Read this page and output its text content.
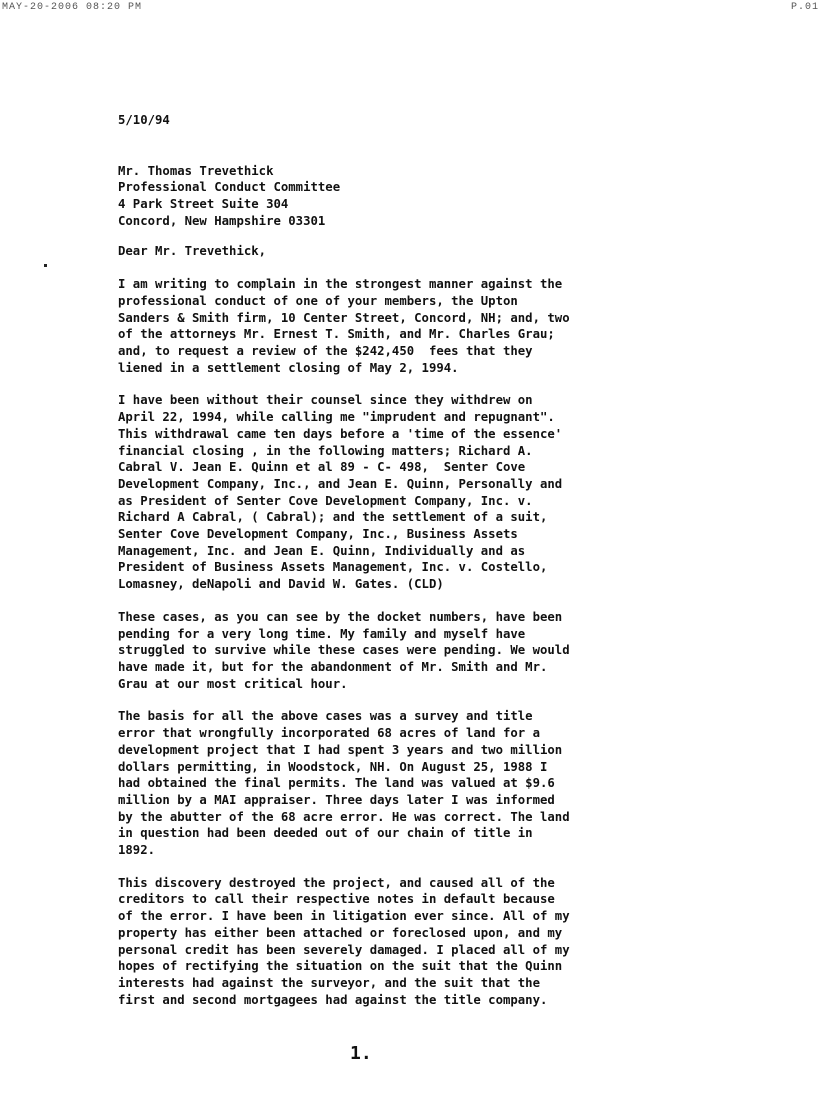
MAY-20-2006 08:20 PM	P.01
5/10/94
Mr. Thomas Trevethick
Professional Conduct Committee
4 Park Street Suite 304
Concord, New Hampshire 03301
Dear Mr. Trevethick,
I am writing to complain in the strongest manner against the
professional conduct of one of your members, the Upton
Sanders & Smith firm, 10 Center Street, Concord, NH; and, two
of the attorneys Mr. Ernest T. Smith, and Mr. Charles Grau;
and, to request a review of the $242,450  fees that they
liened in a settlement closing of May 2, 1994.
I have been without their counsel since they withdrew on
April 22, 1994, while calling me "imprudent and repugnant".
This withdrawal came ten days before a 'time of the essence'
financial closing , in the following matters; Richard A.
Cabral V. Jean E. Quinn et al 89 - C- 498,  Senter Cove
Development Company, Inc., and Jean E. Quinn, Personally and
as President of Senter Cove Development Company, Inc. v.
Richard A Cabral, ( Cabral); and the settlement of a suit,
Senter Cove Development Company, Inc., Business Assets
Management, Inc. and Jean E. Quinn, Individually and as
President of Business Assets Management, Inc. v. Costello,
Lomasney, deNapoli and David W. Gates. (CLD)
These cases, as you can see by the docket numbers, have been
pending for a very long time. My family and myself have
struggled to survive while these cases were pending. We would
have made it, but for the abandonment of Mr. Smith and Mr.
Grau at our most critical hour.
The basis for all the above cases was a survey and title
error that wrongfully incorporated 68 acres of land for a
development project that I had spent 3 years and two million
dollars permitting, in Woodstock, NH. On August 25, 1988 I
had obtained the final permits. The land was valued at $9.6
million by a MAI appraiser. Three days later I was informed
by the abutter of the 68 acre error. He was correct. The land
in question had been deeded out of our chain of title in
1892.
This discovery destroyed the project, and caused all of the
creditors to call their respective notes in default because
of the error. I have been in litigation ever since. All of my
property has either been attached or foreclosed upon, and my
personal credit has been severely damaged. I placed all of my
hopes of rectifying the situation on the suit that the Quinn
interests had against the surveyor, and the suit that the
first and second mortgagees had against the title company.
1.
